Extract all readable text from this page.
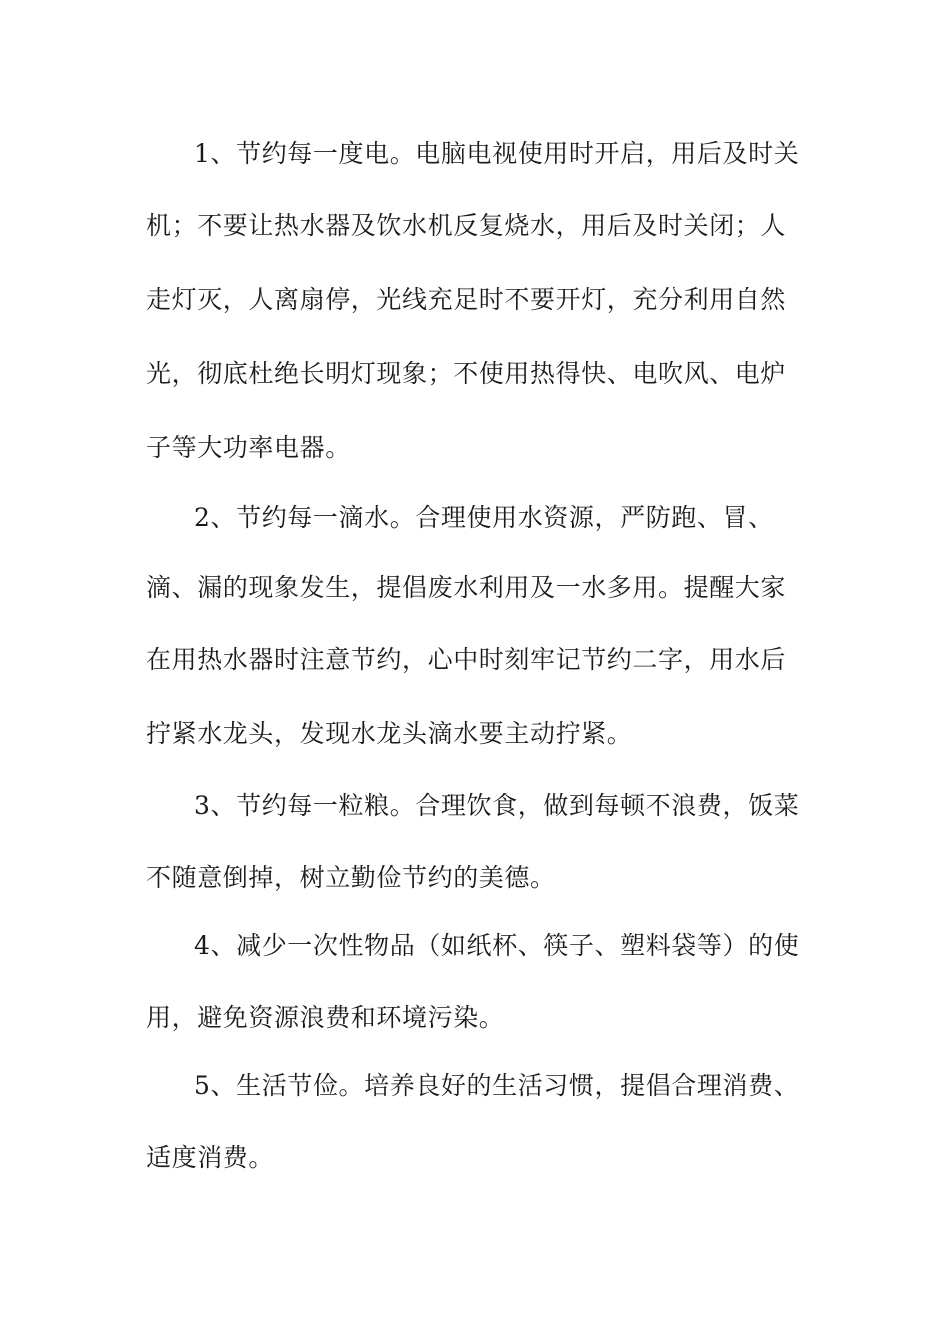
1、节约每一度电。电脑电视使用时开启，用后及时关
机；不要让热水器及饮水机反复烧水，用后及时关闭；人
走灯灭，人离扇停，光线充足时不要开灯，充分利用自然
光，彻底杜绝长明灯现象；不使用热得快、电吹风、电炉
子等大功率电器。
2、节约每一滴水。合理使用水资源，严防跑、冒、
滴、漏的现象发生，提倡废水利用及一水多用。提醒大家
在用热水器时注意节约，心中时刻牢记节约二字，用水后
拧紧水龙头，发现水龙头滴水要主动拧紧。
3、节约每一粒粮。合理饮食，做到每顿不浪费，饭菜
不随意倒掉，树立勤俭节约的美德。
4、减少一次性物品（如纸杯、筷子、塑料袋等）的使
用，避免资源浪费和环境污染。
5、生活节俭。培养良好的生活习惯，提倡合理消费、
适度消费。
